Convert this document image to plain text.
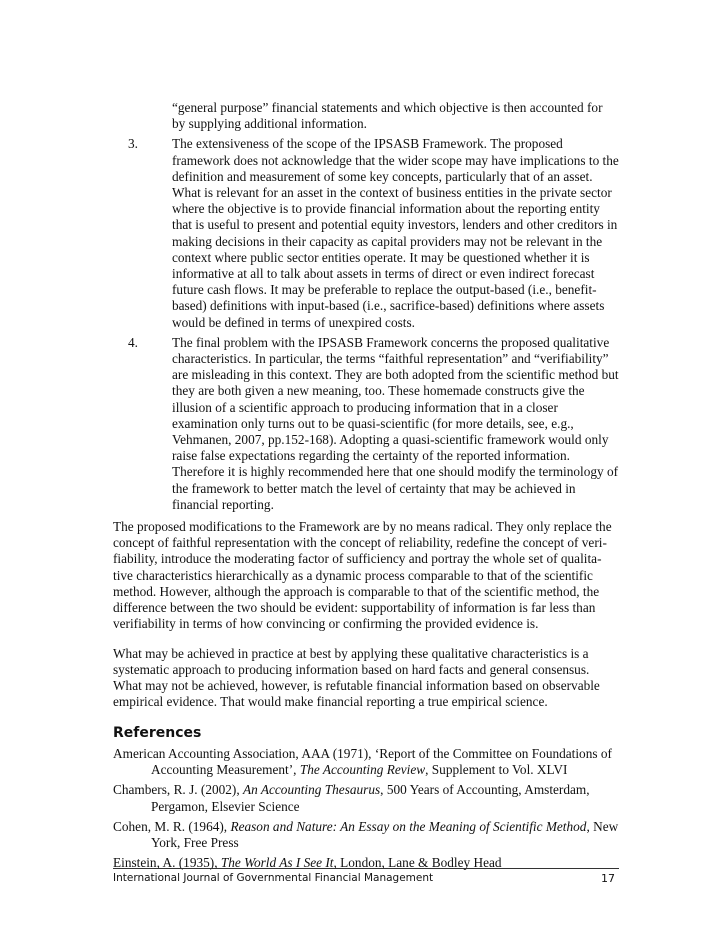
“general purpose” financial statements and which objective is then accounted for by supplying additional information.
3.	The extensiveness of the scope of the IPSASB Framework. The proposed framework does not acknowledge that the wider scope may have implications to the definition and measurement of some key concepts, particularly that of an asset. What is relevant for an asset in the context of business entities in the private sector where the objective is to provide financial information about the reporting entity that is useful to present and potential equity investors, lenders and other creditors in making decisions in their capacity as capital providers may not be relevant in the context where public sector entities operate. It may be questioned whether it is informative at all to talk about assets in terms of direct or even indirect forecast future cash flows. It may be preferable to replace the output-based (i.e., benefit-based) definitions with input-based (i.e., sacrifice-based) definitions where assets would be defined in terms of unexpired costs.
4.	The final problem with the IPSASB Framework concerns the proposed qualitative characteristics. In particular, the terms “faithful representation” and “verifiability” are misleading in this context. They are both adopted from the scientific method but they are both given a new meaning, too. These homemade constructs give the illusion of a scientific approach to producing information that in a closer examination only turns out to be quasi-scientific (for more details, see, e.g., Vehmanen, 2007, pp.152-168). Adopting a quasi-scientific framework would only raise false expectations regarding the certainty of the reported information. Therefore it is highly recommended here that one should modify the terminology of the framework to better match the level of certainty that may be achieved in financial reporting.

The proposed modifications to the Framework are by no means radical. They only replace the concept of faithful representation with the concept of reliability, redefine the concept of veri-fiability, introduce the moderating factor of sufficiency and portray the whole set of qualita-tive characteristics hierarchically as a dynamic process comparable to that of the scientific method. However, although the approach is comparable to that of the scientific method, the difference between the two should be evident: supportability of information is far less than verifiability in terms of how convincing or confirming the provided evidence is.

What may be achieved in practice at best by applying these qualitative characteristics is a systematic approach to producing information based on hard facts and general consensus. What may not be achieved, however, is refutable financial information based on observable empirical evidence. That would make financial reporting a true empirical science.

References
American Accounting Association, AAA (1971), ‘Report of the Committee on Foundations of Accounting Measurement’, The Accounting Review, Supplement to Vol. XLVI
Chambers, R. J. (2002), An Accounting Thesaurus, 500 Years of Accounting, Amsterdam, Pergamon, Elsevier Science
Cohen, M. R. (1964), Reason and Nature: An Essay on the Meaning of Scientific Method, New York, Free Press
Einstein, A. (1935), The World As I See It, London, Lane & Bodley Head
International Journal of Governmental Financial Management	17
